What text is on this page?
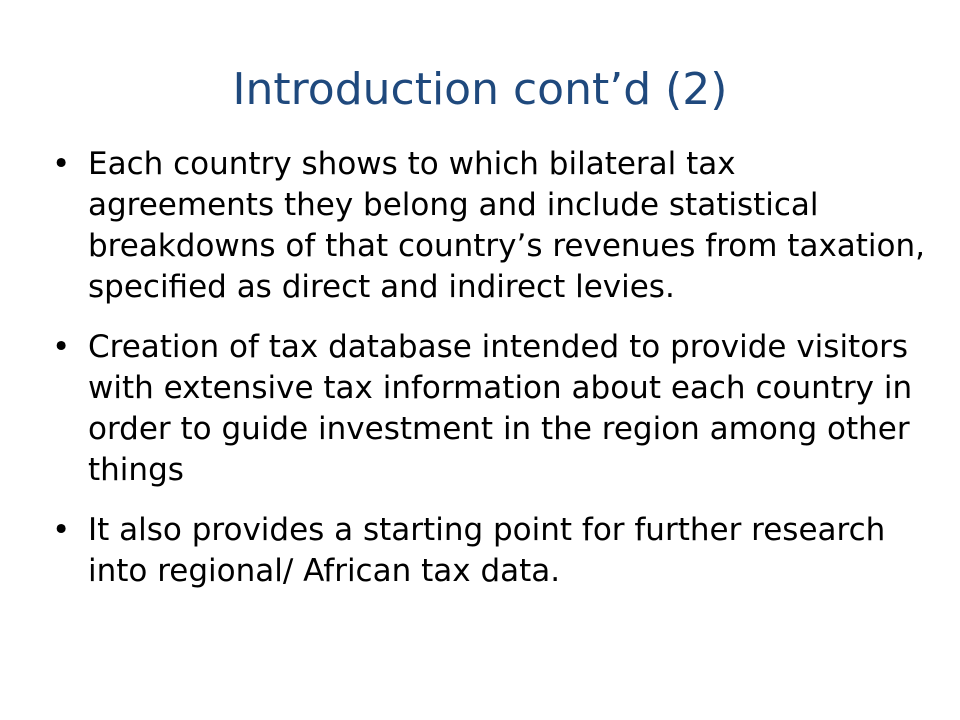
Introduction cont’d (2)
• Each country shows to which bilateral tax agreements they belong and include statistical breakdowns of that country’s revenues from taxation, specified as direct and indirect levies.
• Creation of tax database intended to provide visitors with extensive tax information about each country in order to guide investment in the region among other things
• It also provides a starting point for further research into regional/ African tax data.
